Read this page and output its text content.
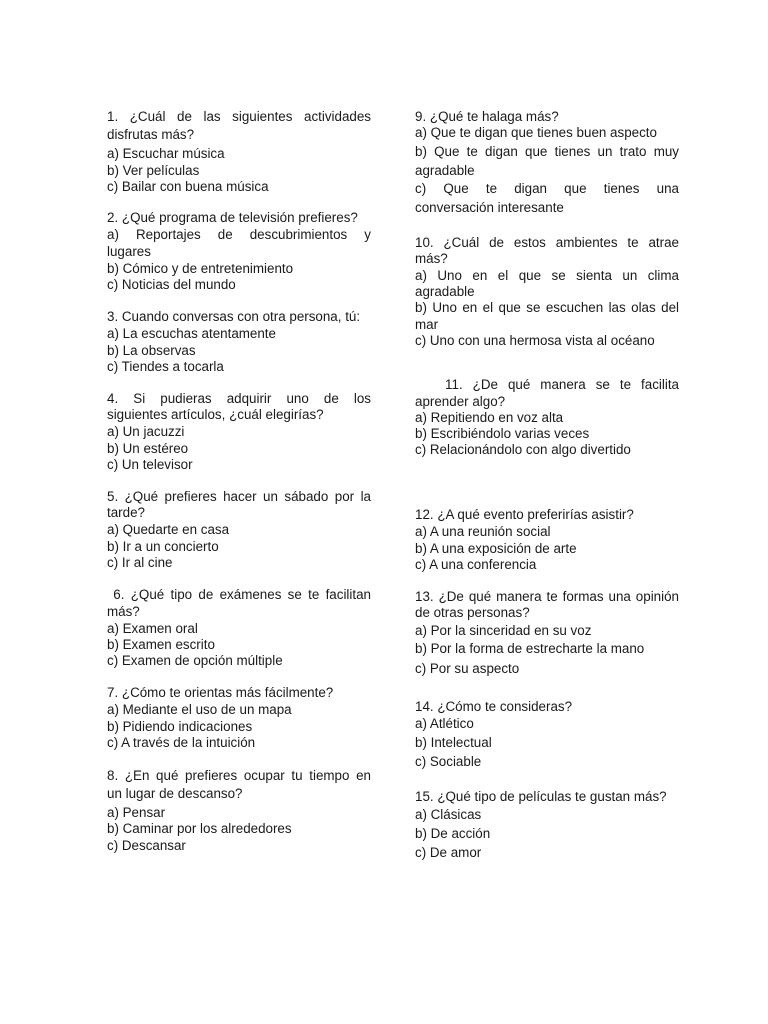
1. ¿Cuál de las siguientes actividades
disfrutas más?
a) Escuchar música
b) Ver películas
c) Bailar con buena música
2. ¿Qué programa de televisión prefieres?
a) Reportajes de descubrimientos y
lugares
b) Cómico y de entretenimiento
c) Noticias del mundo
3. Cuando conversas con otra persona, tú:
a) La escuchas atentamente
b) La observas
c) Tiendes a tocarla
4. Si pudieras adquirir uno de los
siguientes artículos, ¿cuál elegirías?
a) Un jacuzzi
b) Un estéreo
c) Un televisor
5. ¿Qué prefieres hacer un sábado por la
tarde?
a) Quedarte en casa
b) Ir a un concierto
c) Ir al cine
6. ¿Qué tipo de exámenes se te facilitan
más?
a) Examen oral
b) Examen escrito
c) Examen de opción múltiple
7. ¿Cómo te orientas más fácilmente?
a) Mediante el uso de un mapa
b) Pidiendo indicaciones
c) A través de la intuición
8. ¿En qué prefieres ocupar tu tiempo en
un lugar de descanso?
a) Pensar
b) Caminar por los alrededores
c) Descansar
9. ¿Qué te halaga más?
a) Que te digan que tienes buen aspecto
b) Que te digan que tienes un trato muy
agradable
c) Que te digan que tienes una
conversación interesante
10. ¿Cuál de estos ambientes te atrae
más?
a) Uno en el que se sienta un clima
agradable
b) Uno en el que se escuchen las olas del
mar
c) Uno con una hermosa vista al océano
11. ¿De qué manera se te facilita
aprender algo?
a) Repitiendo en voz alta
b) Escribiéndolo varias veces
c) Relacionándolo con algo divertido
12. ¿A qué evento preferirías asistir?
a) A una reunión social
b) A una exposición de arte
c) A una conferencia
13. ¿De qué manera te formas una opinión
de otras personas?
a) Por la sinceridad en su voz
b) Por la forma de estrecharte la mano
c) Por su aspecto
14. ¿Cómo te consideras?
a) Atlético
b) Intelectual
c) Sociable
15. ¿Qué tipo de películas te gustan más?
a) Clásicas
b) De acción
c) De amor
